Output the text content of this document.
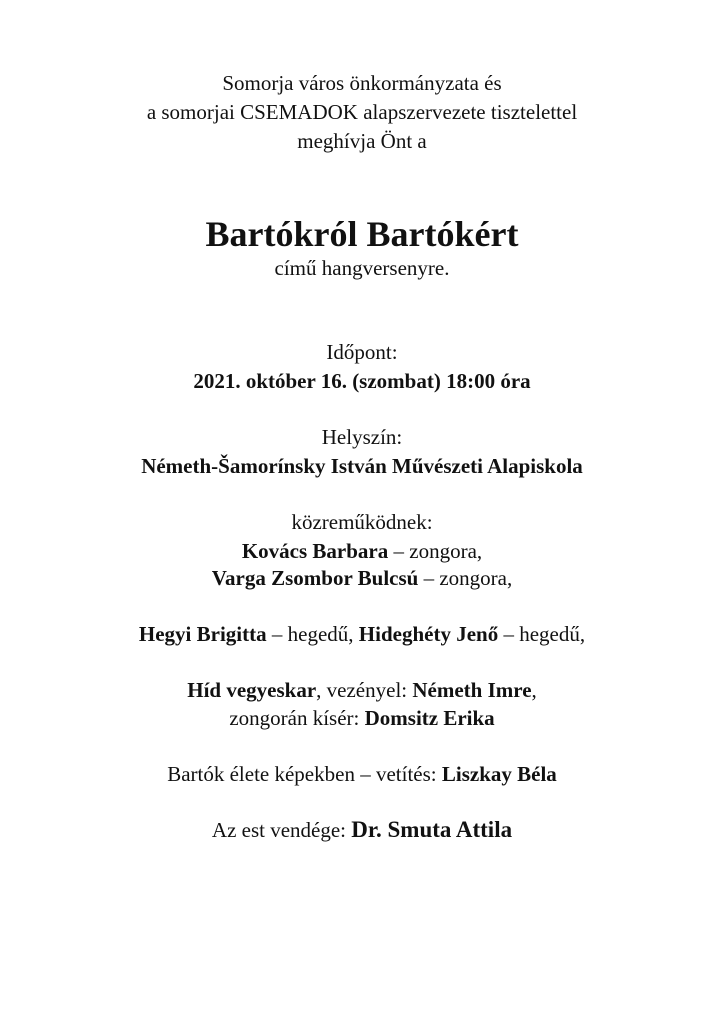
Somorja város önkormányzata és
a somorjai CSEMADOK alapszervezete tisztelettel
meghívja Önt a
Bartókról Bartókért
című hangversenyre.
Időpont:
2021. október 16. (szombat) 18:00 óra
Helyszín:
Németh-Šamorínsky István Művészeti Alapiskola
közreműködnek:
Kovács Barbara – zongora,
Varga Zsombor Bulcsú – zongora,
Hegyi Brigitta – hegedű, Hideghéty Jenő – hegedű,
Híd vegyeskar, vezényel: Németh Imre,
zongorán kísér: Domsitz Erika
Bartók élete képekben – vetítés: Liszkay Béla
Az est vendége: Dr. Smuta Attila
